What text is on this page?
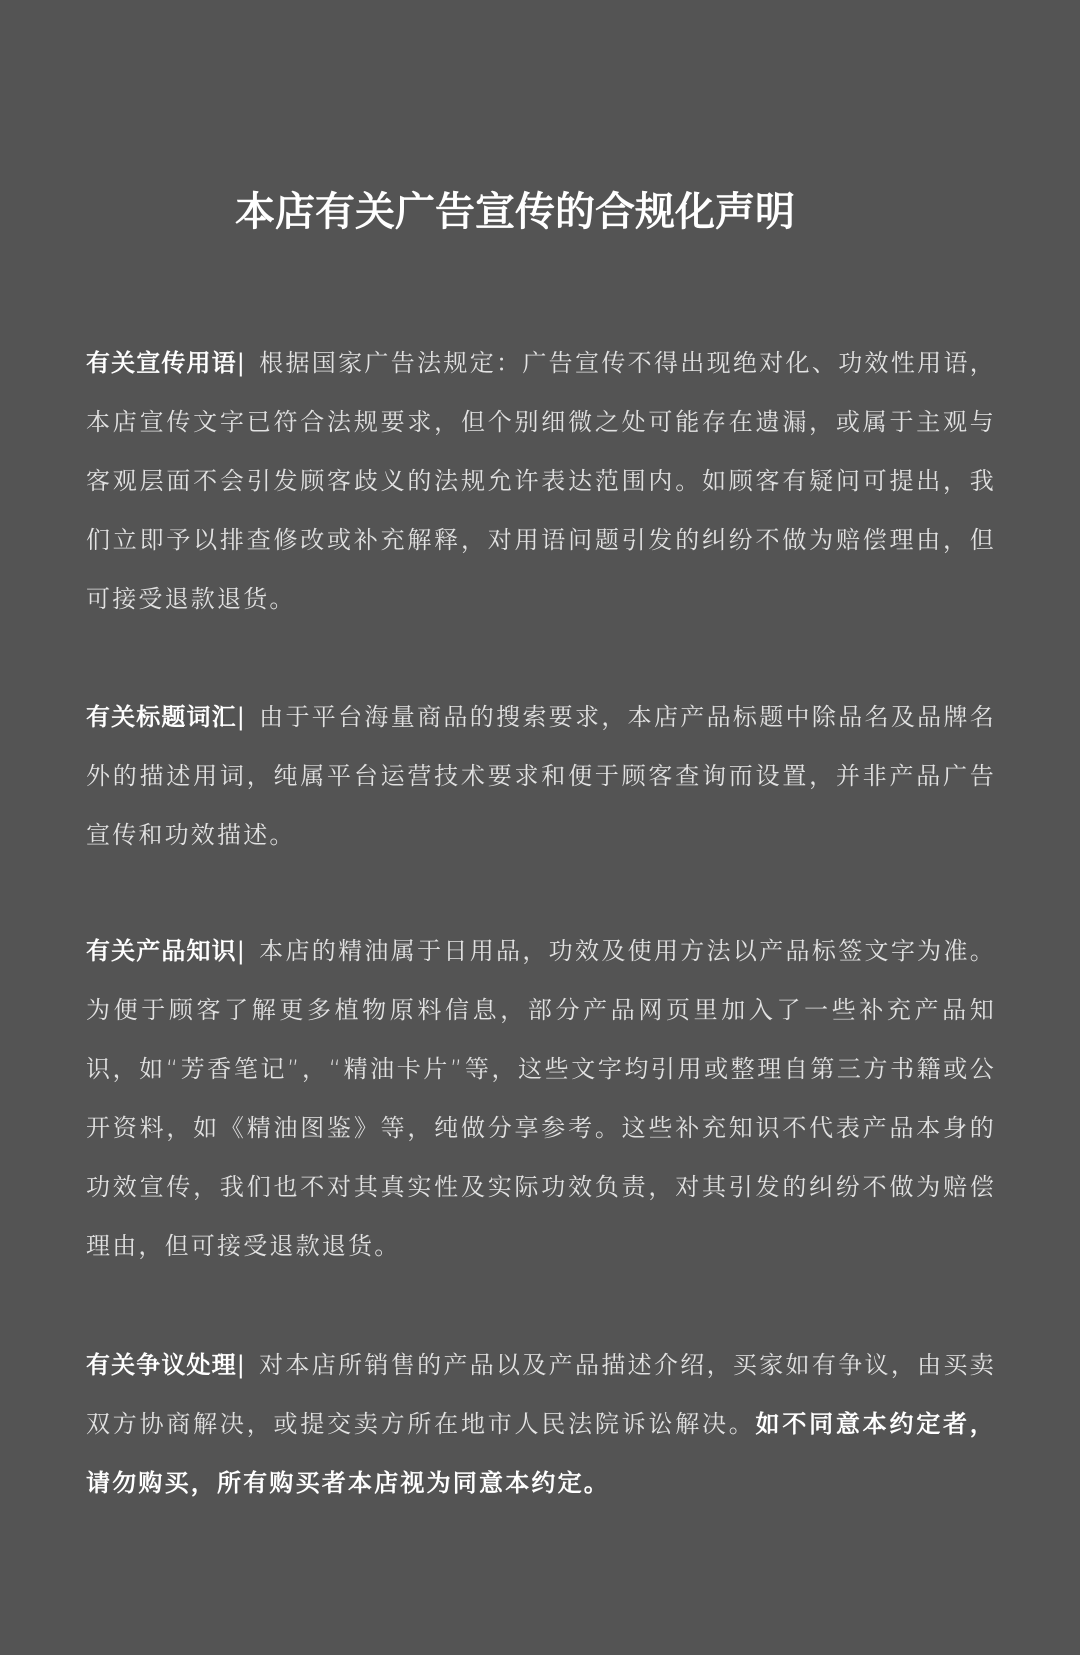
本店有关广告宣传的合规化声明

有关宣传用语| 根据国家广告法规定：广告宣传不得出现绝对化、功效性用语，本店宣传文字已符合法规要求，但个别细微之处可能存在遗漏，或属于主观与客观层面不会引发顾客歧义的法规允许表达范围内。如顾客有疑问可提出，我们立即予以排查修改或补充解释，对用语问题引发的纠纷不做为赔偿理由，但可接受退款退货。

有关标题词汇| 由于平台海量商品的搜索要求，本店产品标题中除品名及品牌名外的描述用词，纯属平台运营技术要求和便于顾客查询而设置，并非产品广告宣传和功效描述。

有关产品知识| 本店的精油属于日用品，功效及使用方法以产品标签文字为准。为便于顾客了解更多植物原料信息，部分产品网页里加入了一些补充产品知识，如“芳香笔记”，“精油卡片”等，这些文字均引用或整理自第三方书籍或公开资料，如《精油图鉴》等，纯做分享参考。这些补充知识不代表产品本身的功效宣传，我们也不对其真实性及实际功效负责，对其引发的纠纷不做为赔偿理由，但可接受退款退货。

有关争议处理| 对本店所销售的产品以及产品描述介绍，买家如有争议，由买卖双方协商解决，或提交卖方所在地市人民法院诉讼解决。如不同意本约定者，请勿购买，所有购买者本店视为同意本约定。
